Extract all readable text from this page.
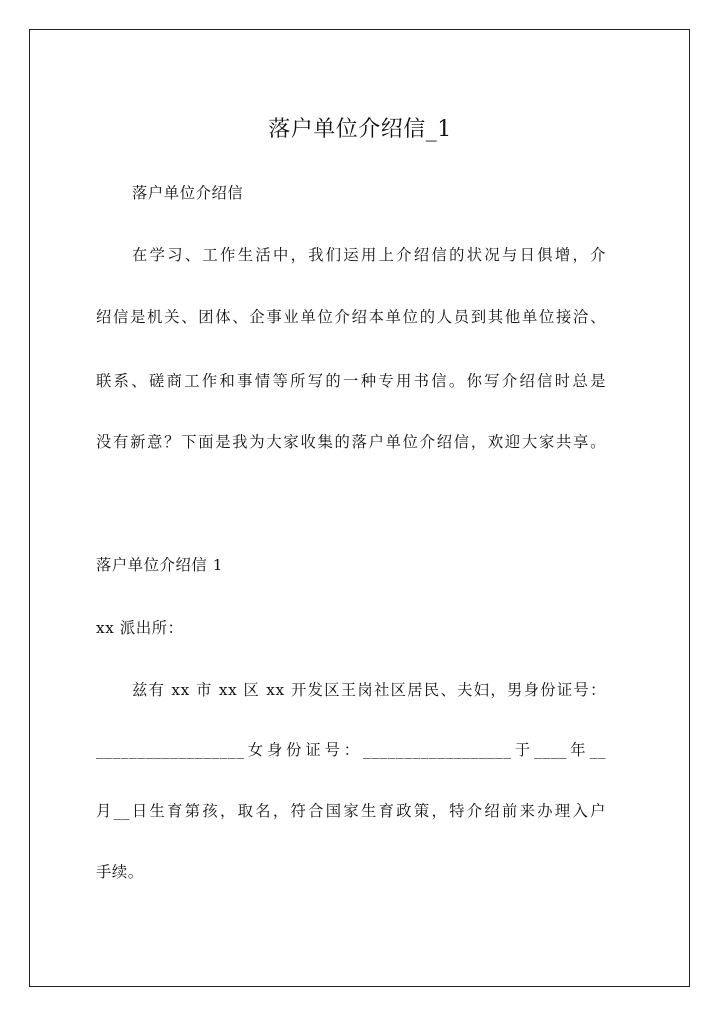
落户单位介绍信_1
落户单位介绍信
在学习、工作生活中，我们运用上介绍信的状况与日俱增，介
绍信是机关、团体、企事业单位介绍本单位的人员到其他单位接洽、
联系、磋商工作和事情等所写的一种专用书信。你写介绍信时总是
没有新意？下面是我为大家收集的落户单位介绍信，欢迎大家共享。
落户单位介绍信 1
xx 派出所：
兹有 xx 市 xx 区 xx 开发区王岗社区居民、夫妇，男身份证号：
__________________女身份证号：__________________于____年__
月__日生育第孩，取名，符合国家生育政策，特介绍前来办理入户
手续。
